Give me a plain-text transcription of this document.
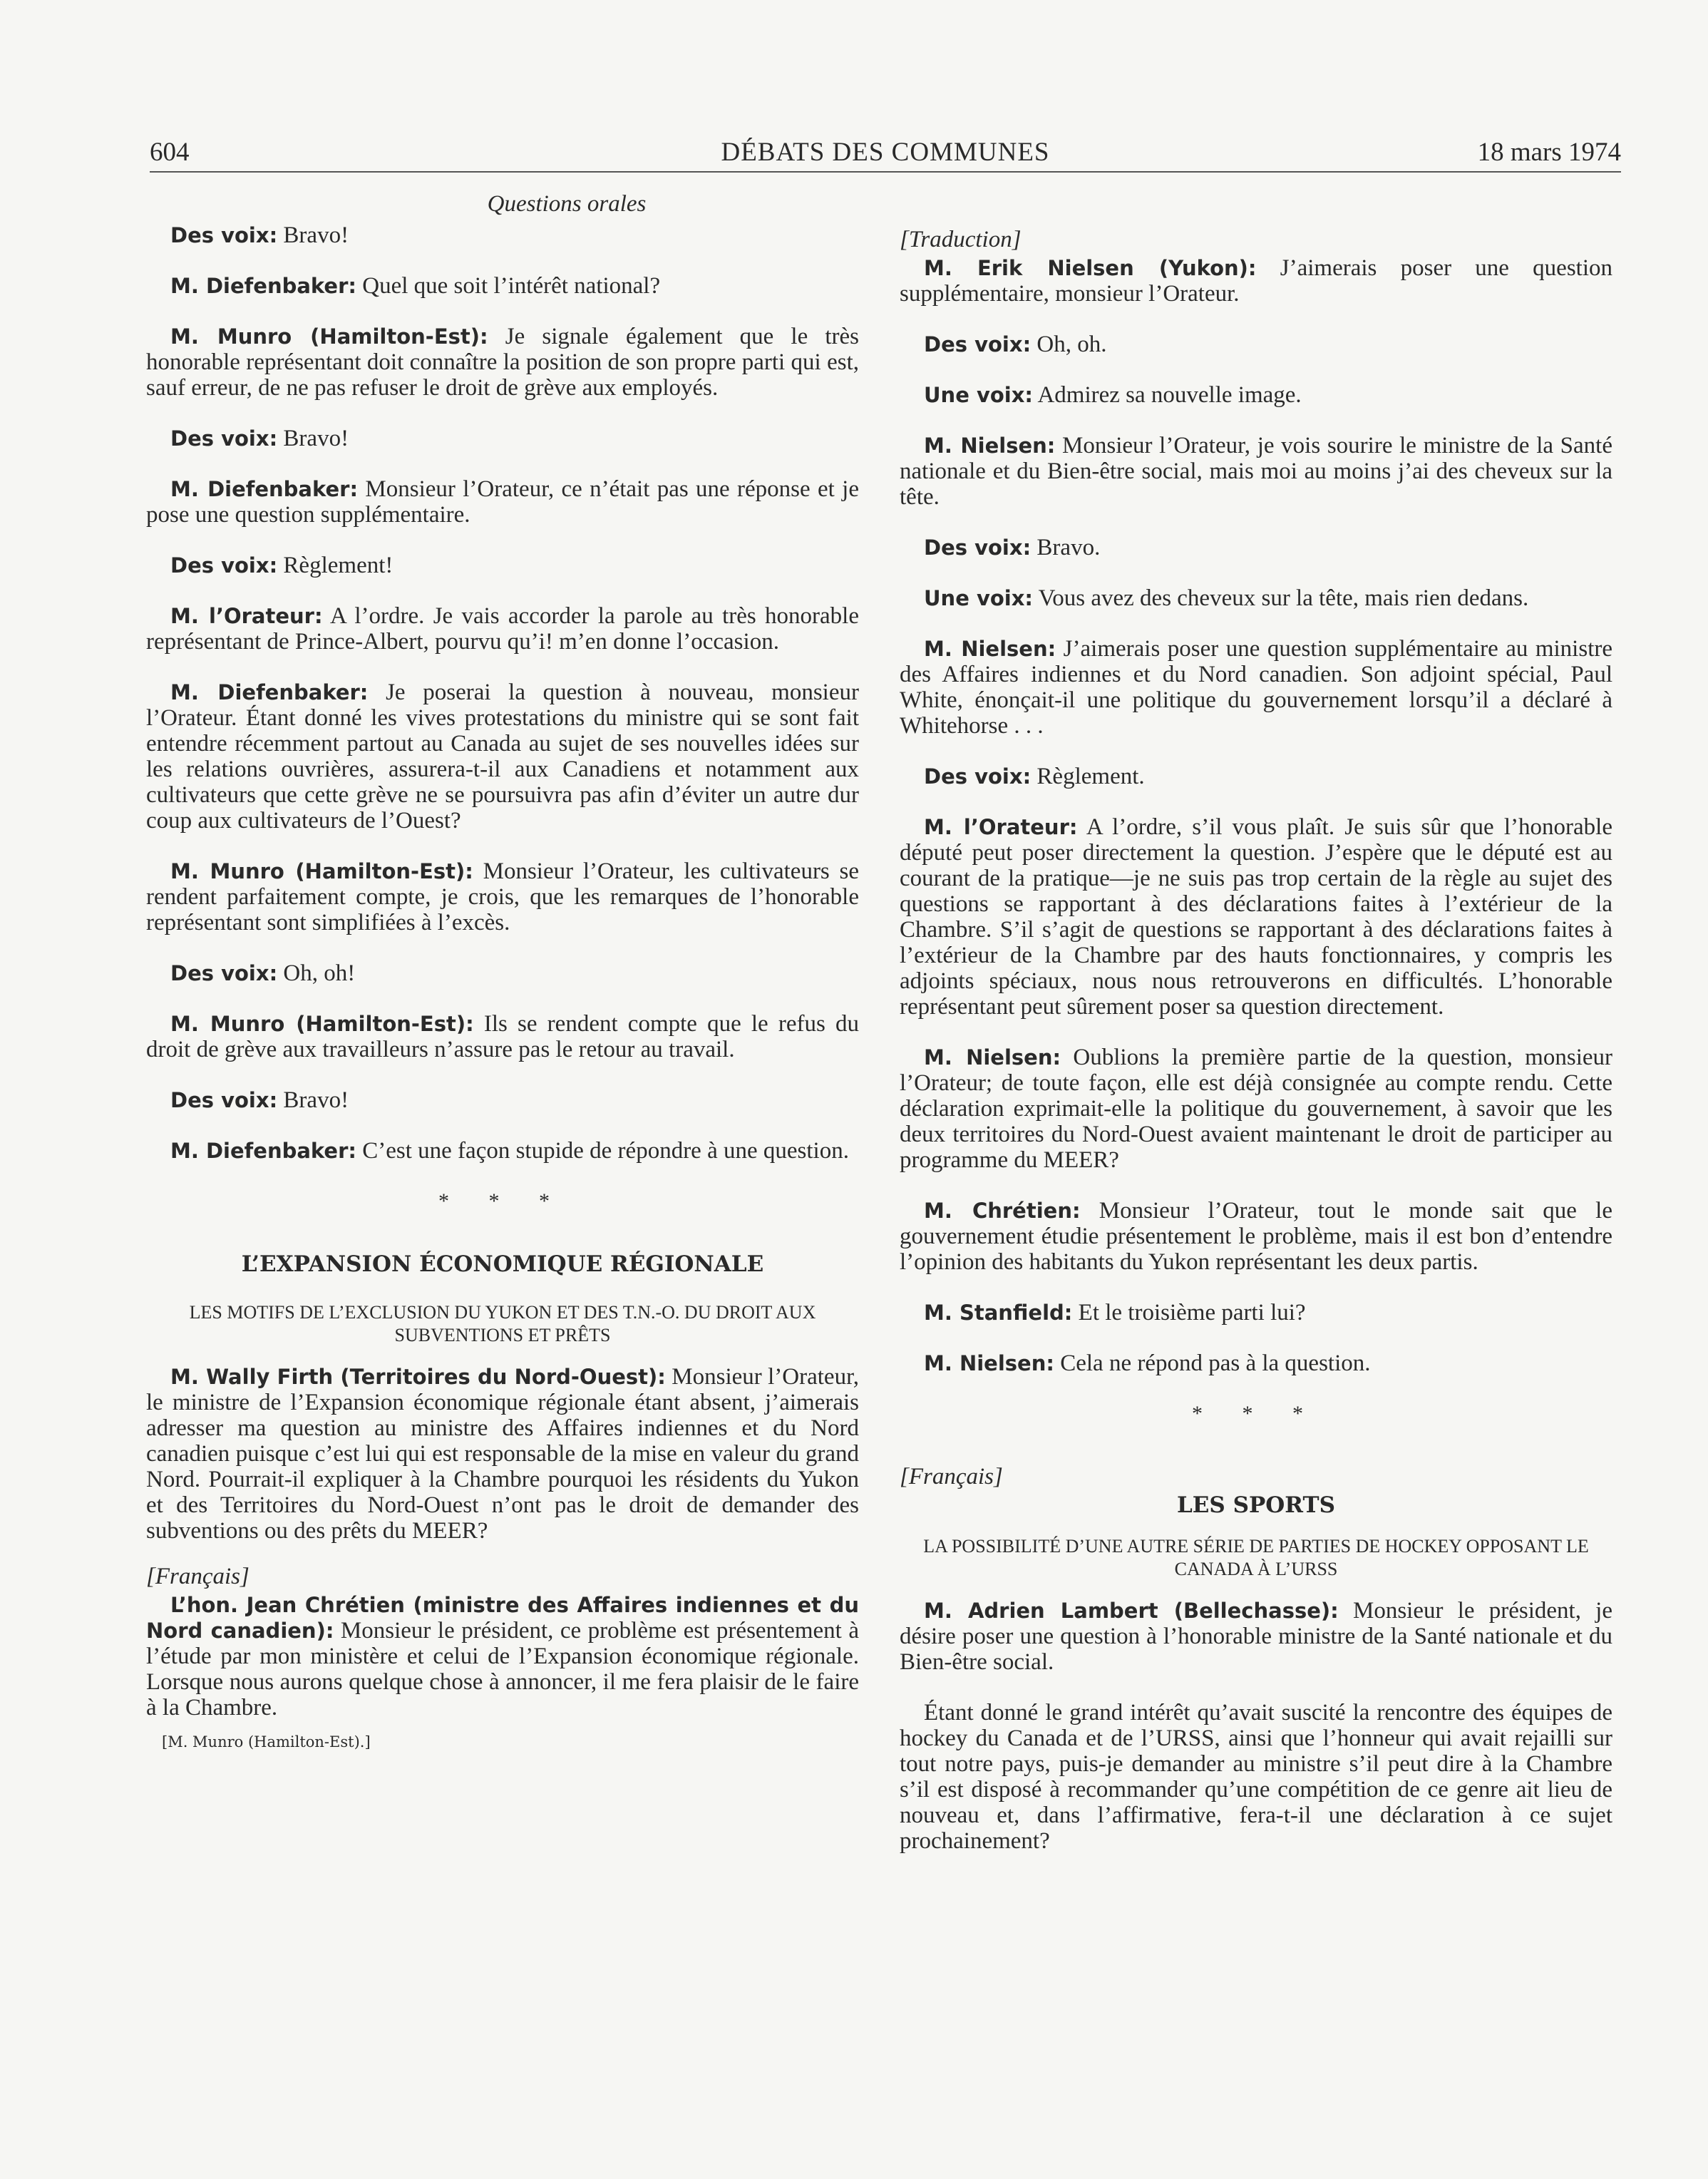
604	DÉBATS DES COMMUNES	18 mars 1974
Questions orales

Des voix: Bravo!

M. Diefenbaker: Quel que soit l’intérêt national?

M. Munro (Hamilton-Est): Je signale également que le très honorable représentant doit connaître la position de son propre parti qui est, sauf erreur, de ne pas refuser le droit de grève aux employés.

Des voix: Bravo!

M. Diefenbaker: Monsieur l’Orateur, ce n’était pas une réponse et je pose une question supplémentaire.

Des voix: Règlement!

M. l’Orateur: A l’ordre. Je vais accorder la parole au très honorable représentant de Prince-Albert, pourvu qu’i! m’en donne l’occasion.

M. Diefenbaker: Je poserai la question à nouveau, monsieur l’Orateur. Étant donné les vives protestations du ministre qui se sont fait entendre récemment partout au Canada au sujet de ses nouvelles idées sur les relations ouvrières, assurera-t-il aux Canadiens et notamment aux cultivateurs que cette grève ne se poursuivra pas afin d’éviter un autre dur coup aux cultivateurs de l’Ouest?

M. Munro (Hamilton-Est): Monsieur l’Orateur, les cultivateurs se rendent parfaitement compte, je crois, que les remarques de l’honorable représentant sont simplifiées à l’excès.

Des voix: Oh, oh!

M. Munro (Hamilton-Est): Ils se rendent compte que le refus du droit de grève aux travailleurs n’assure pas le retour au travail.

Des voix: Bravo!

M. Diefenbaker: C’est une façon stupide de répondre à une question.

* * *
L’EXPANSION ÉCONOMIQUE RÉGIONALE
LES MOTIFS DE L’EXCLUSION DU YUKON ET DES T.N.-O. DU DROIT AUX SUBVENTIONS ET PRÊTS

M. Wally Firth (Territoires du Nord-Ouest): Monsieur l’Orateur, le ministre de l’Expansion économique régionale étant absent, j’aimerais adresser ma question au ministre des Affaires indiennes et du Nord canadien puisque c’est lui qui est responsable de la mise en valeur du grand Nord. Pourrait-il expliquer à la Chambre pourquoi les résidents du Yukon et des Territoires du Nord-Ouest n’ont pas le droit de demander des subventions ou des prêts du MEER?

[Français]

L’hon. Jean Chrétien (ministre des Affaires indiennes et du Nord canadien): Monsieur le président, ce problème est présentement à l’étude par mon ministère et celui de l’Expansion économique régionale. Lorsque nous aurons quelque chose à annoncer, il me fera plaisir de le faire à la Chambre.

[M. Munro (Hamilton-Est).]
[Traduction]

M. Erik Nielsen (Yukon): J’aimerais poser une question supplémentaire, monsieur l’Orateur.

Des voix: Oh, oh.

Une voix: Admirez sa nouvelle image.

M. Nielsen: Monsieur l’Orateur, je vois sourire le ministre de la Santé nationale et du Bien-être social, mais moi au moins j’ai des cheveux sur la tête.

Des voix: Bravo.

Une voix: Vous avez des cheveux sur la tête, mais rien dedans.

M. Nielsen: J’aimerais poser une question supplémentaire au ministre des Affaires indiennes et du Nord canadien. Son adjoint spécial, Paul White, énonçait-il une politique du gouvernement lorsqu’il a déclaré à Whitehorse . . .

Des voix: Règlement.

M. l’Orateur: A l’ordre, s’il vous plaît. Je suis sûr que l’honorable député peut poser directement la question. J’espère que le député est au courant de la pratique—je ne suis pas trop certain de la règle au sujet des questions se rapportant à des déclarations faites à l’extérieur de la Chambre. S’il s’agit de questions se rapportant à des déclarations faites à l’extérieur de la Chambre par des hauts fonctionnaires, y compris les adjoints spéciaux, nous nous retrouverons en difficultés. L’honorable représentant peut sûrement poser sa question directement.

M. Nielsen: Oublions la première partie de la question, monsieur l’Orateur; de toute façon, elle est déjà consignée au compte rendu. Cette déclaration exprimait-elle la politique du gouvernement, à savoir que les deux territoires du Nord-Ouest avaient maintenant le droit de participer au programme du MEER?

M. Chrétien: Monsieur l’Orateur, tout le monde sait que le gouvernement étudie présentement le problème, mais il est bon d’entendre l’opinion des habitants du Yukon représentant les deux partis.

M. Stanfield: Et le troisième parti lui?

M. Nielsen: Cela ne répond pas à la question.

* * *
[Français]
LES SPORTS
LA POSSIBILITÉ D’UNE AUTRE SÉRIE DE PARTIES DE HOCKEY OPPOSANT LE CANADA À L’URSS

M. Adrien Lambert (Bellechasse): Monsieur le président, je désire poser une question à l’honorable ministre de la Santé nationale et du Bien-être social.

Étant donné le grand intérêt qu’avait suscité la rencontre des équipes de hockey du Canada et de l’URSS, ainsi que l’honneur qui avait rejailli sur tout notre pays, puis-je demander au ministre s’il peut dire à la Chambre s’il est disposé à recommander qu’une compétition de ce genre ait lieu de nouveau et, dans l’affirmative, fera-t-il une déclaration à ce sujet prochainement?
